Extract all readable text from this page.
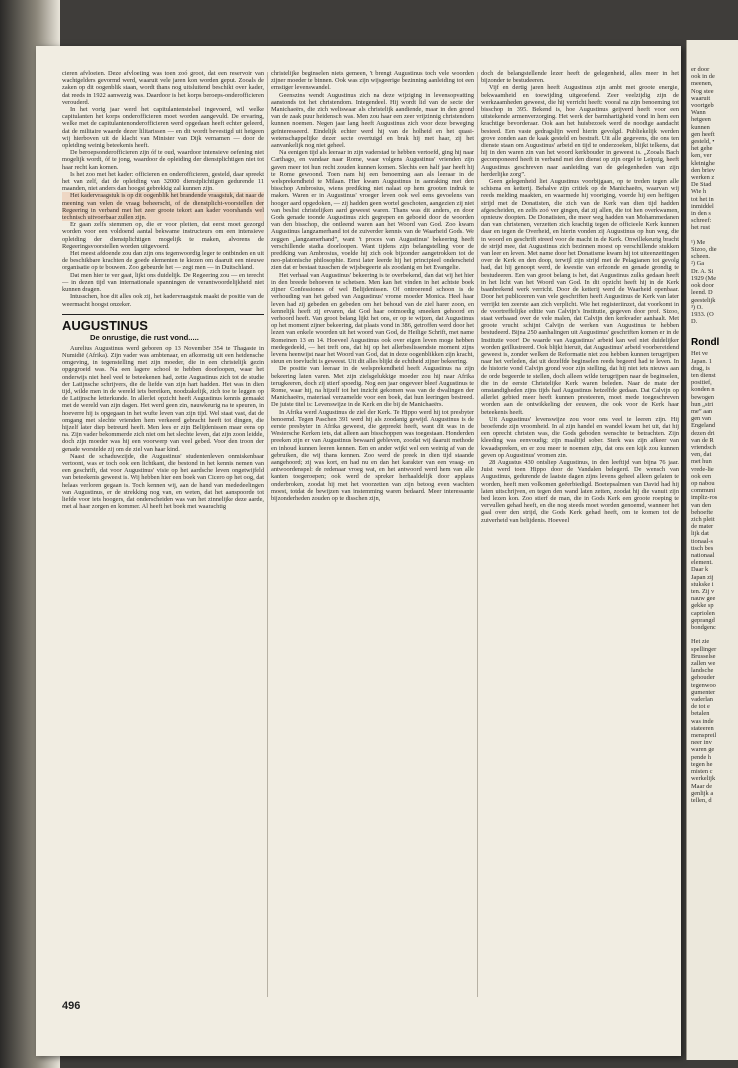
cieren afvloeien. Deze afvloeiing was toen zoó groot, dat een reservoir van wachtgelders gevormd werd, waaruit vele jaren kon worden geput. Zooals de zaken op dit oogenblik staan, wordt thans nog uitsluitend beschikt over kader, dat reeds in 1922 aanwezig was. Daardoor is het korps beroeps-onderofficieren verouderd.

In het vorig jaar werd het capitulantenstelsel ingevoerd, wil welke capitulanten het korps onderofficieren moet worden aangevuld. De ervaring, welke met de capitulantenonderofficieren werd opgedaan heeft echter geleerd, dat de militaire waarde dezer lilitarissen — en dit wordt bevestigd uit hetgeen wij hierboven uit de klacht van Minister van Dijk vernamen — door de opleiding weinig beteekenis heeft.

De beroepsonderofficieren zijn óf te oud, waardoor intensieve oefening niet mogelijk wordt, óf te jong, waardoor de opleiding der dienstplichtigen niet tot haar recht kan komen.

Is het zoo met het kader: officieren en onderofficieren, gesteld, daar spreekt het van zelf, dat de opleiding van 32000 dienstplichtigen gedurende 11 maanden, niet anders dan hoogst gebrekkig zal kunnen zijn.

Het kadervraagstuk is op dit oogenblik het brandende vraagstuk, dat naar de meening van velen de vraag beheerscht, of de dienstplicht-voorstellen der Regeering in verband met het zeer groote tekort aan kader voorshands wel technisch uitvoerbaar zullen zijn.

Er gaan zelfs stemmen op, die er voor pleiten, dat eerst moet gezorgd worden voor een voldoend aantal bekwame instructeurs om een intensieve opleiding der dienstplichtigen mogelijk te maken, alvorens de Regeeringsvoorstellen worden uitgevoerd.

Het meest afdoende zou dan zijn ons tegenwoordig leger te ontbinden en uit de beschikbare krachten de goede elementen te kiezen om daaruit een nieuwe organisatie op te bouwen. Zoo gebeurde het — zegt men — in Duitschland.

Dat men hier te ver gaat, lijkt ons duidelijk. De Regeering zou — en terecht — in dezen tijd van internationale spanningen de verantwoordelijkheid niet kunnen dragen.

Intusschen, hoe dit alles ook zij, het kadervraagstuk maakt de positie van de weermacht hoogst onzeker.

AUGUSTINUS
De onrustige, die rust vond.....

Aurelius Augustinus werd geboren op 13 November 354 te Thagaste in Numidië (Afrika). Zijn vader was ambtenaar, en afkomstig uit een heidensche omgeving, in tegenstelling met zijn moeder, die in een christelijk gezin opgegroeid was. Na een lagere school te hebben doorloopen, waar het onderwijs niet heel veel te beteekenen had, zette Augustinus zich tot de studie der Latijnsche schrijvers, die de liefde van zijn hart hadden. Het was in dien tijd, wilde men in de wereld iets bereiken, noodzakelijk, zich toe te leggen op de Latijnsche letterkunde. In allerlei opzicht heeft Augustinus kennis gemaakt met de wereld van zijn dagen. Het werd geen zin, nauwkeurig na te speuren, in hoeverre hij is opgegaan in het wufte leven van zijn tijd. Wel staat vast, dat de omgang met slechte vrienden hem verkeerd gebracht heeft tot dingen, die hijzelf later diep betreurd heeft. Men lees er zijn Belijdenissen maar eens op na. Zijn vader bekommerde zich niet om het slechte leven, dat zijn zoon leidde, doch zijn moeder was hij een voorwerp van veel gebed. Voor den troon der genade worstelde zij om de ziel van haar kind.

Naast de schaduwzijde, die Augustinus' studentenleven onmiskenbaar vertoont, was er toch ook een lichtkant, die bestond in het kennis nemen van een geschrift, dat voor Augustinus' visie op het aardsche leven ongetwijfeld van beteekenis geweest is. Wij hebben hier een boek van Cicero op het oog, dat helaas verloren gegaan is. Toch kennen wij, aan de hand van mededeelingen van Augustinus, er de strekking nog van, en weten, dat het aanspoorde tot liefde voor iets hoogers, dat onderscheiden was van het zinnelijke deze aarde, met al haar zorgen en kommer. Al heeft het boek mei waarachtig

christelijke beginselen niets gemeen, 't brengt Augustinus toch vele woorden zijner moeder te binnen. Ook was zijn wijsgeerige bezinning aanleiding tot een ernstiger levenswandel.

Geenszins wendt Augustinus zich na deze wijziging in levensopvatting aanstonds tot het christendom. Integendeel. Hij wordt lid van de secte der Manichaeërs, die zich weliswaar als christelijk aandiende, maar in den grond van de zaak puur heidensch was. Men zou haar een zeer vrijzinnig christendom kunnen noemen. Negen jaar lang heeft Augustinus zich voor deze beweging geïnteresseerd. Eindelijk echter werd hij van de holheid en het quasi-wetenschappelijke dezer secte overtuigd en brak hij met haar, zij het aanvankelijk nog niet geheel.

Na eenigen tijd als leeraar in zijn vaderstad te hebben vertoefd, ging hij naar Carthago, en vandaar naar Rome, waar volgens Augustinus' vrienden zijn gaven meer tot hun recht zouden kunnen komen. Slechts een half jaar heeft hij te Rome gewoond. Toen nam hij een benoeming aan als leeraar in de welsprekendheid te Milaan. Hier kwam Augustinus in aanraking met den bisschop Ambrosius, wiens prediking niet nalaat op hem grooten indruk te maken. Waren er in Augustinus' vroeger leven ook wel eens gevoelens van hooger aard opgedoken, — zij hadden geen wortel geschoten, aangezien zij niet van beslist christelijken aard geweest waren. Thans was dit anders, en door Gods genade toonde Augustinus zich gegrepen en geboeid door de woorden van den bisschop, die ontleend waren aan het Woord van God. Zoo kwam Augustinus langzamerhand tot de zuiverder kennis van de Waarheid Gods. We zeggen „langzamerhand”, want 't proces van Augustinus' bekeering heeft verschillende stadia doorloopen. Want tijdens zijn belangstelling voor de prediking van Ambrosius, voelde hij zich ook bijzonder aangetrokken tot de neo-platonische philosophie. Eerst later leerde hij het principieel onderscheid zien dat er bestaat tusschen de wijsbegeerte als zoodanig en het Evangelie.

Het verhaal van Augustinus' bekeering is te overbekend, dan dat wij het hier in den breede behoeven te schetsen. Men kan het vinden in het achtste boek zijner Confessiones of wel Belijdenissen. Of ontroerend schoon is de verhouding van het gebed van Augustinus' vrome moeder Monica. Heel haar leven had zij gebeden en gebeden om het behoud van de ziel harer zoon, en kennelijk heeft zij ervaren, dat God haar ootmoedig smeeken gehoord en verhoord heeft. Van groot belang lijkt het ons, er op te wijzen, dat Augustinus op het moment zijner bekeering, dat plaats vond in 386, getroffen werd door het lezen van enkele woorden uit het woord van God, de Heilige Schrift, met name Romeinen 13 en 14. Hoeveel Augustinus ook over eigen leven moge hebben medegedeeld, — het treft ons, dat hij op het allerbeslissendste moment zijns levens heenwijst naar het Woord van God, dat in deze oogenblikken zijn kracht, steun en toevlucht is geweest. Uit dit alles blijkt de echtheid zijner bekeering.

De positie van leeraar in de welsprekendheid heeft Augustinus na zijn bekeering laten varen. Met zijn zielsgelukkige moeder zou hij naar Afrika terugkeeren, doch zij stierf spoedig. Nog een jaar ongeveer bleef Augustinus te Rome, waar hij, na hijzelf tot het inzicht gekomen was van de dwalingen der Manichaeërs, materiaal verzamelde voor een boek, dat hun leeringen bestreed. De juiste titel is: Levenswijze in de Kerk en die bij de Manichaeërs.

In Afrika werd Augustinus de ziel der Kerk. Te Hippo werd hij tot presbyter benoemd. Tegen Paschen 391 werd hij als zoodanig gewijd. Augustinus is de eerste presbyter in Afrika geweest, die gepreekt heeft, want dit was in de Westersche Kerken iets, dat alleen aan bisschoppen was toegestaan. Honderden preeken zijn er van Augustinus bewaard gebleven, zoodat wij daaruit methode en inhoud kunnen leeren kennen. Een en ander wijkt wel een weinig af van de gebruiken, die wij thans kennen. Zoo werd de preek in dien tijd staande aangehoord; zij was kort, en had nu en dan het karakter van een vraag- en antwoordenspel: de redenaar vroeg wat, en het antwoord werd hem van alle kanten toegeroepen; ook werd de spreker herhaaldelijk door applaus onderbroken, zoodat hij met het voorzetten van zijn betoog even wachten moest, totdat de bewijzen van instemming waren bedaard. Meer interessante bijzonderheden zouden op te disschen zijn,

doch de belangstellende lezer heeft de gelegenheid, alles meer in het bijzonder te bestudeeren.

Vijf en dertig jaren heeft Augustinus zijn ambt met groote energie, bekwaamheid en toewijding uitgeoefend. Zeer veelzijdig zijn de werkzaamheden geweest, die hij verricht heeft: vooral na zijn benoeming tot bisschop in 395. Bekend is, hoe Augustinus geijverd heeft voor een uitstekende armenverzorging. Het werk der barmhartigheid vond in hem een krachtige bevorderaar. Ook aan het huisbezoek werd de noodige aandacht besteed. Een vaste gedragslijn werd hierin gevolgd. Publiekelijk werden grove zonden aan de kaak gesteld en bestraft. Uit alle gegevens, die ons ten dienste staan om Augustinus' arbeid en tijd te onderzoeken, blijkt telkens, dat hij in den waren zin van het woord kerkbouder in geweest is. „Zooals Bach gecomponeerd heeft in verband met den dienst op zijn orgel te Leipzig, heeft Augustinus geschreven naar aanleiding van de gelegenheden van zijn herderlijke zorg”.

Geen gelegenheid liet Augustinus voorbijgaan, op te treden tegen alle schisma en ketterij. Behalve zijn critiek op de Manichaeërs, waarvan wij reeds melding maakten, en waarmede hij voortging, voerde hij een heftigen strijd met de Donatisten, die zich van de Kerk van dien tijd hadden afgescheiden, en zelfs zoó ver gingen, dat zij allen, die tot hen overkwamen, opnieuw doopten. De Donatisten, die meer weg hadden van Mohammedanen dan van christenen, verzetten zich krachtig tegen de officieele Kerk kunnen daar en tegen de Overheid, en hierin vonden zij Augustinus op hun weg, die in woord en geschrift streed voor de macht in de Kerk. Onwillekeurig bracht de strijd mee, dat Augustinus zich bezinnen moest op verschillende stukken van leer en leven. Met name door het Donatisme kwam hij tot uiteenzettingen over de Kerk en den doop, terwijl zijn strijd met de Pelagianen tot gevolg had, dat hij genoopt werd, de kwestie van erfzonde en genade grondig te bestudeeren. Een van groot belang is het, dat Augustinus zulks gedaan heeft in het licht van het Woord van God. In dit opzicht heeft hij in de Kerk baanbrekend werk verricht. Door de ketterij werd de Waarheid openbaar. Door het publiceeren van vele geschriften heeft Augustinus de Kerk van later verrijkt ten zeerste aan zich verplicht. Wie het registeriinzet, dat voorkomt in de voortreffelijke editie van Calvijn's Institutie, gegeven door prof. Sizoo, staat verbaasd over de vele malen, dat Calvijn den kerkvader aanhaalt. Met groote vrucht schijnt Calvijn de werken van Augustinus te hebben bestudeerd. Bijna 250 aanhalingen uit Augustinus' geschriften komen er in de Institutie voor! De waarde van Augustinus' arbeid kan wel niet duidelijker worden geïllustreerd. Ook blijkt hieruit, dat Augustinus' arbeid voorbereidend geweest is, zonder welken de Reformatie niet zou hebben kunnen terugrijpen naar het verleden, dat uit dezelfde beginselen reeds begeerd had te leven. In de historie vond Calvijn grond voor zijn stelling, dat hij niet iets nieuws aan de orde begeerde te stellen, doch alleen wilde terugrijpen naar de beginselen, die in de eerste Christelijke Kerk waren beleden. Naar de mate der omstandigheden zijns tijds had Augustinus hetzelfde gedaan. Dat Calvijn op allerlei gebied meer heeft kunnen presteeren, moet mede toegeschreven worden aan de ontwikkeling der eeuwen, die ook voor de Kerk haar beteekenis heeft.

Uit Augustinus' levenswijze zou voor ons veel te leeren zijn. Hij beoefende zijn vroomheid. In al zijn handel en wandel kwam het uit, dat hij een oprecht christen was, die Gods geboden wenschte te betrachten. Zijn kleeding was eenvoudig; zijn maaltijd sober. Sterk was zijn afkeer van kwaadspreken, en er zou meer te noemen zijn, dat ons een kijk zou kunnen geven op Augustinus' vromen zin.

28 Augustus 430 ontsliep Augustinus, in den leeftijd van bijna 76 jaar. Juist werd toen Hippo door de Vandalen belegerd. De wensch van Augustinus, gedurende de laatste dagen zijns levens geheel alleen gelaten te worden, heeft men volkomen geëerbiedigd. Boetepsalmen van David had hij laten uitschrijven, en tegen den wand laten zetten, zoodat hij die vanuit zijn bed lezen kon. Zoo stierf de man, die in Gods Kerk een groote roeping te vervullen gehad heeft, en die nog steeds moet worden genoemd, wanneer het gaal over den strijd, die Gods Kerk gehad heeft, om te komen tot de zuiverheid van belijdenis. Hoeveel

496
er door
ook in de
meenen,
Nog stee
waaruit
voortgeb
Wann
hetgeen
kunnen
gen heeft
gesteld, •
het gehe
ken, ver
kleinighe
den briev
werken z
De Stad
Wie h
tot het in
inmiddel
in den s
schreef:
het rust

¹) Me
Sizoo, die
scheen.
²) Ga
Dr. A. Si
1929 (Me
ook door
leend. D
geestelijk
³) O.
1933. (O
D.
Rondl
Het ve
Japan. 1
drag, is
ten dienst
positief,
konden n
bewogen
hun „stri
me” aan
gen van
Engeland
dezen dri
van de R
vriendsch
ven, dat
met hun
vrede-lie
ook een
op nabou
communi
impliz-ros
van den
behoefte
zich pleit
de mater
lijk dat
tionaal-s
tisch bes
nationaal
element.
Daar k
Japan zij
stukske i
ten. Zij v
nauw gee
gekke sp
capriolen
geprangd
bondgenc

Het zie
spellinger
Brusselse
zallen we
landsche
gehouder
tegenwoo
gumenter
vaderlan
de tot e
betalen
was inde
stateeren
menspreil
neer inv
waren ge
pende h
tegen he
misten c
werkelijk
Maar de
genlijk a
tellen, d
